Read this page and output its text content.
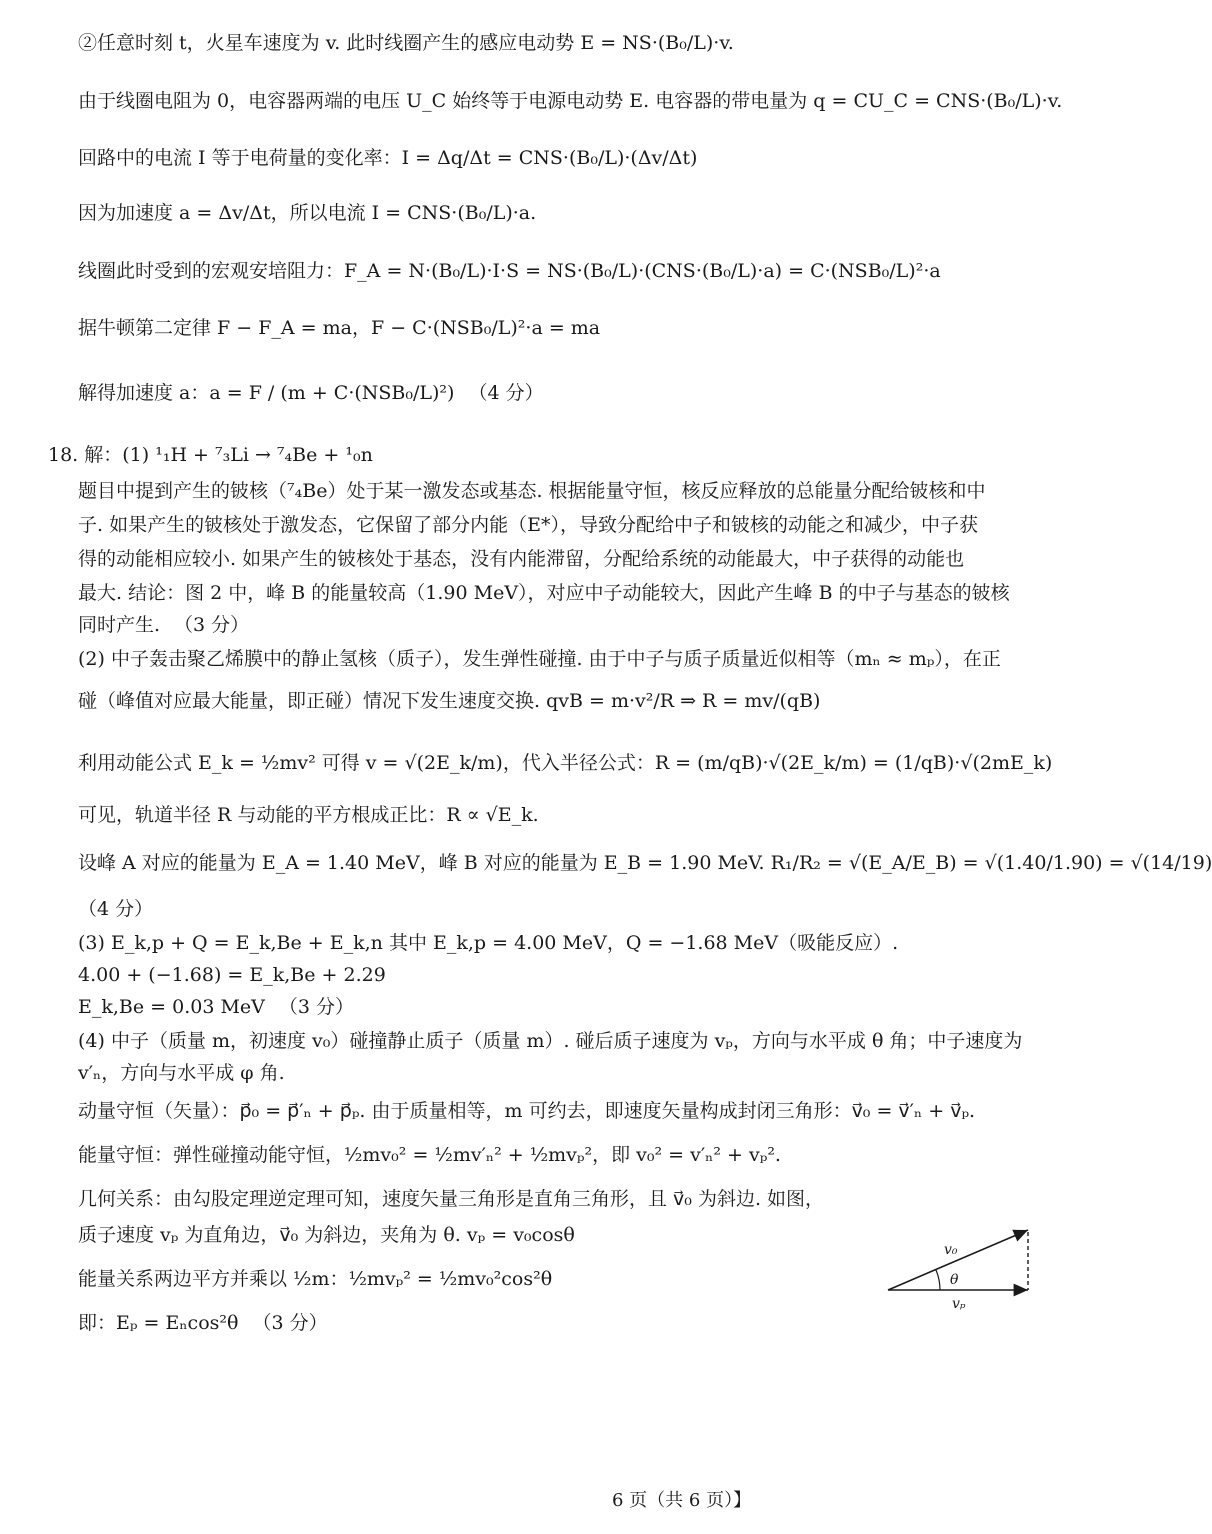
②任意时刻 t，火星车速度为 v. 此时线圈产生的感应电动势 E = NS·(B₀/L)·v.
由于线圈电阻为 0，电容器两端的电压 U_C 始终等于电源电动势 E. 电容器的带电量为 q = CU_C = CNS·(B₀/L)·v.
回路中的电流 I 等于电荷量的变化率：I = Δq/Δt = CNS·(B₀/L)·(Δv/Δt)
因为加速度 a = Δv/Δt，所以电流 I = CNS·(B₀/L)·a.
线圈此时受到的宏观安培阻力：F_A = N·(B₀/L)·I·S = NS·(B₀/L)·(CNS·(B₀/L)·a) = C·(NSB₀/L)²·a
据牛顿第二定律 F − F_A = ma，F − C·(NSB₀/L)²·a = ma
解得加速度 a：a = F / (m + C·(NSB₀/L)²) （4 分）
18. 解：(1) ¹₁H + ⁷₃Li → ⁷₄Be + ¹₀n
题目中提到产生的铍核（⁷₄Be）处于某一激发态或基态. 根据能量守恒，核反应释放的总能量分配给铍核和中
子. 如果产生的铍核处于激发态，它保留了部分内能（E*），导致分配给中子和铍核的动能之和减少，中子获
得的动能相应较小. 如果产生的铍核处于基态，没有内能滞留，分配给系统的动能最大，中子获得的动能也
最大. 结论：图 2 中，峰 B 的能量较高（1.90 MeV），对应中子动能较大，因此产生峰 B 的中子与基态的铍核
同时产生. （3 分）
(2) 中子轰击聚乙烯膜中的静止氢核（质子），发生弹性碰撞. 由于中子与质子质量近似相等（mₙ ≈ mₚ），在正
碰（峰值对应最大能量，即正碰）情况下发生速度交换. qvB = m·v²/R ⇒ R = mv/(qB)
利用动能公式 E_k = ½mv² 可得 v = √(2E_k/m)，代入半径公式：R = (m/qB)·√(2E_k/m) = (1/qB)·√(2mE_k)
可见，轨道半径 R 与动能的平方根成正比：R ∝ √E_k.
设峰 A 对应的能量为 E_A = 1.40 MeV，峰 B 对应的能量为 E_B = 1.90 MeV. R₁/R₂ = √(E_A/E_B) = √(1.40/1.90) = √(14/19)
（4 分）
(3) E_k,p + Q = E_k,Be + E_k,n 其中 E_k,p = 4.00 MeV，Q = −1.68 MeV（吸能反应）.
4.00 + (−1.68) = E_k,Be + 2.29
E_k,Be = 0.03 MeV （3 分）
(4) 中子（质量 m，初速度 v₀）碰撞静止质子（质量 m）. 碰后质子速度为 vₚ，方向与水平成 θ 角；中子速度为
v′ₙ，方向与水平成 φ 角.
动量守恒（矢量）：p⃗₀ = p⃗′ₙ + p⃗ₚ. 由于质量相等，m 可约去，即速度矢量构成封闭三角形：v⃗₀ = v⃗′ₙ + v⃗ₚ.
能量守恒：弹性碰撞动能守恒，½mv₀² = ½mv′ₙ² + ½mvₚ²，即 v₀² = v′ₙ² + vₚ².
几何关系：由勾股定理逆定理可知，速度矢量三角形是直角三角形，且 v⃗₀ 为斜边. 如图，
质子速度 vₚ 为直角边，v⃗₀ 为斜边，夹角为 θ. vₚ = v₀cosθ
能量关系两边平方并乘以 ½m：½mvₚ² = ½mv₀²cos²θ
即：Eₚ = Eₙcos²θ （3 分）
v₀
θ
vₚ
6 页（共 6 页）】
